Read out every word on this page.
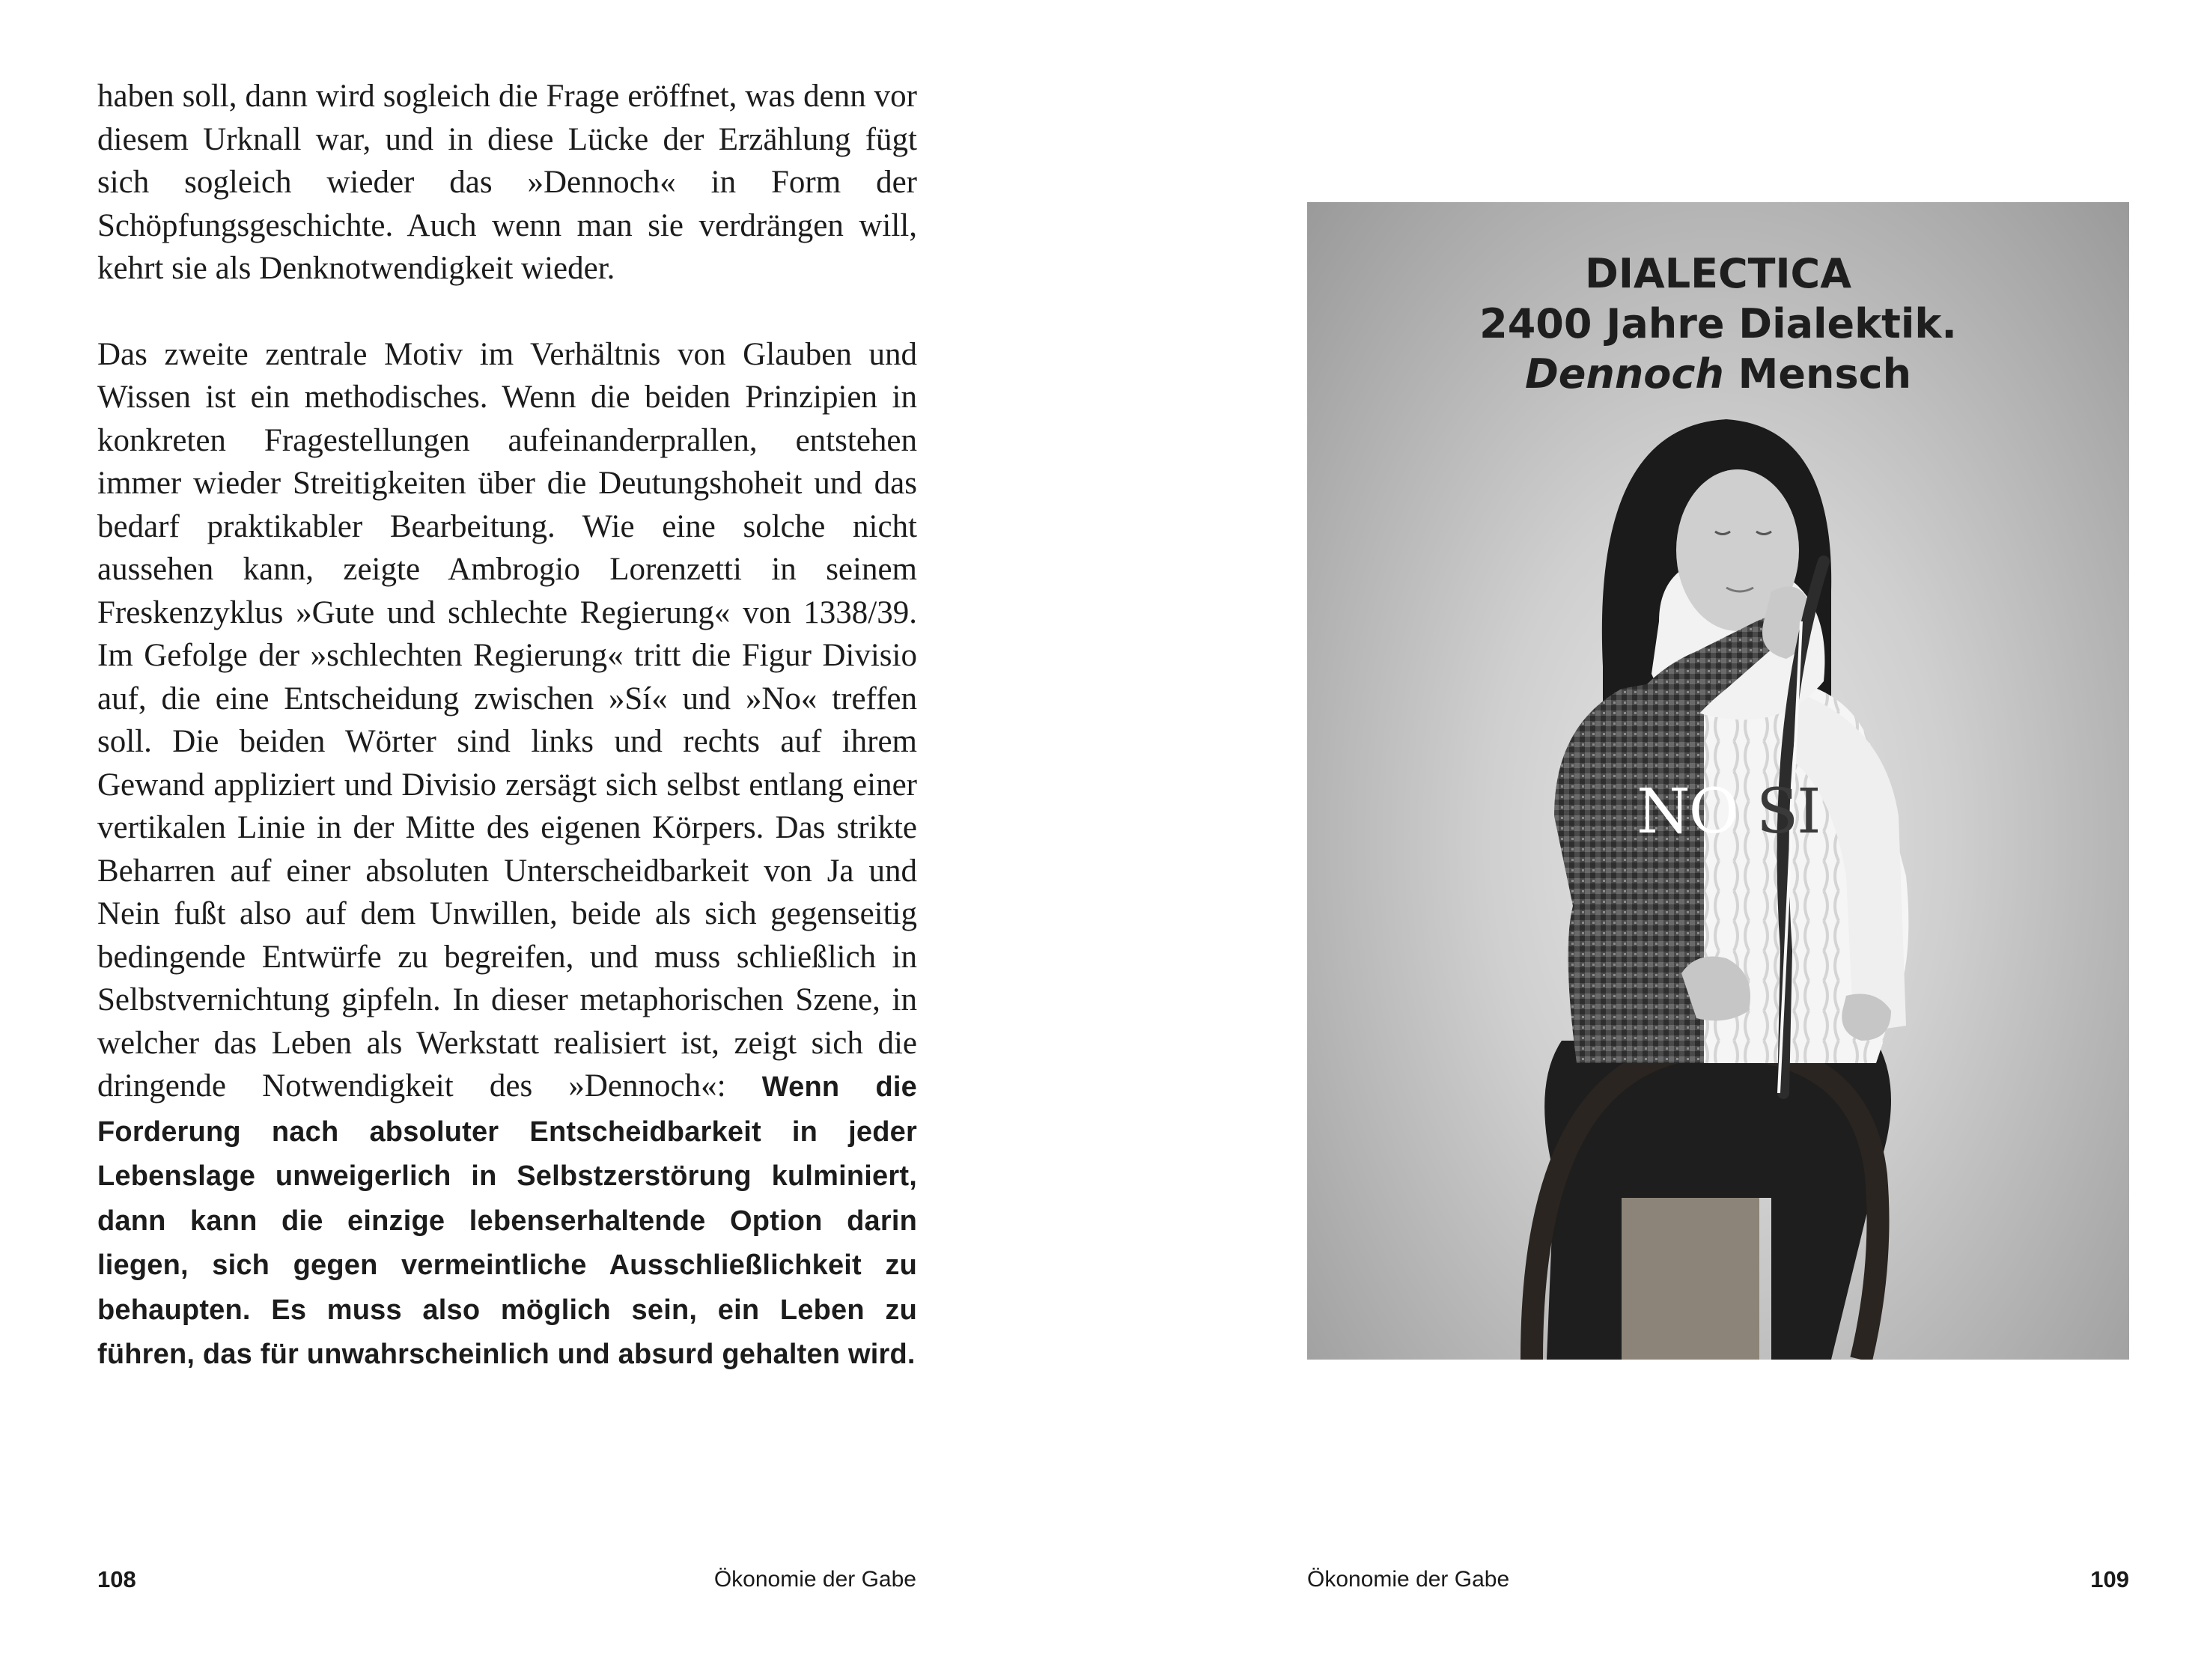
haben soll, dann wird sogleich die Frage eröffnet, was denn vor diesem Urknall war, und in diese Lücke der Erzählung fügt sich sogleich wieder das »Dennoch« in Form der Schöpfungsgeschichte. Auch wenn man sie verdrängen will, kehrt sie als Denknotwendigkeit wieder.

Das zweite zentrale Motiv im Verhältnis von Glauben und Wissen ist ein methodisches. Wenn die beiden Prinzipien in konkreten Fragestellungen aufeinanderprallen, entstehen immer wieder Streitigkeiten über die Deutungshoheit und das bedarf praktikabler Bearbeitung. Wie eine solche nicht aussehen kann, zeigte Ambrogio Lorenzetti in seinem Freskenzyklus »Gute und schlechte Regierung« von 1338/39. Im Gefolge der »schlechten Regierung« tritt die Figur Divisio auf, die eine Entscheidung zwischen »Sí« und »No« treffen soll. Die beiden Wörter sind links und rechts auf ihrem Gewand appliziert und Divisio zersägt sich selbst entlang einer vertikalen Linie in der Mitte des eigenen Körpers. Das strikte Beharren auf einer absoluten Unterscheidbarkeit von Ja und Nein fußt also auf dem Unwillen, beide als sich gegenseitig bedingende Entwürfe zu begreifen, und muss schließlich in Selbstvernichtung gipfeln. In dieser metaphorischen Szene, in welcher das Leben als Werkstatt realisiert ist, zeigt sich die dringende Notwendigkeit des »Dennoch«: Wenn die Forderung nach absoluter Entscheidbarkeit in jeder Lebenslage unweigerlich in Selbstzerstörung kulminiert, dann kann die einzige lebenserhaltende Option darin liegen, sich gegen vermeintliche Ausschließlichkeit zu behaupten. Es muss also möglich sein, ein Leben zu führen, das für unwahrscheinlich und absurd gehalten wird.

108	Ökonomie der Gabe
DIALECTICA
2400 Jahre Dialektik.
Dennoch Mensch
NO SI
Ökonomie der Gabe	109
